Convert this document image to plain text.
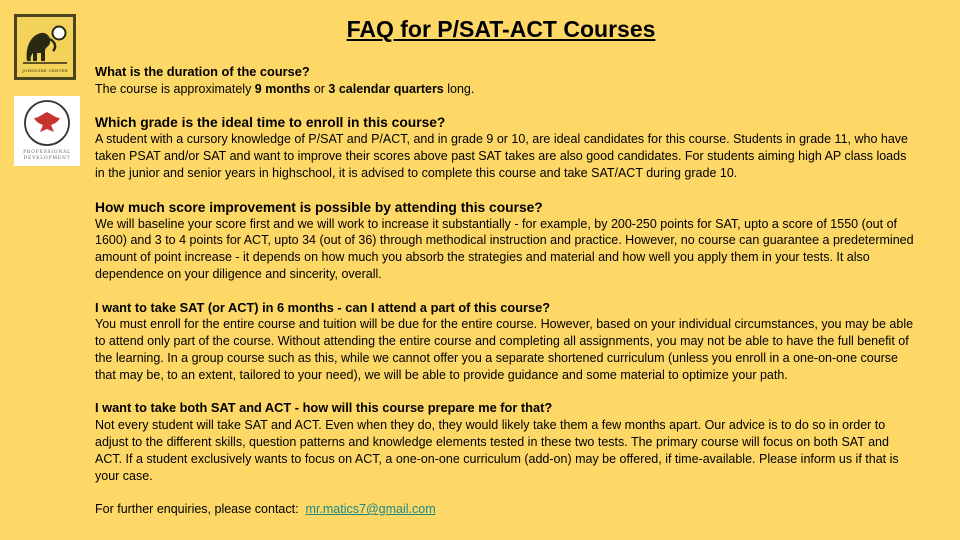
FAQ for P/SAT-ACT Courses
JOHNSTRE CENTER
PROFESSIONAL
DEVELOPMENT

What is the duration of the course?

The course is approximately 9 months or 3 calendar quarters long.

Which grade is the ideal time to enroll in this course?

A student with a cursory knowledge of P/SAT and P/ACT, and in grade 9 or 10, are ideal candidates for this course. Students in grade 11, who have taken PSAT and/or SAT and want to improve their scores above past SAT takes are also good candidates. For students aiming high AP class loads in the junior and senior years in highschool, it is advised to complete this course and take SAT/ACT during grade 10.

How much score improvement is possible by attending this course?

We will baseline your score first and we will work to increase it substantially - for example, by 200-250 points for SAT, upto a score of 1550 (out of 1600) and 3 to 4 points for ACT, upto 34 (out of 36) through methodical instruction and practice. However, no course can guarantee a predetermined amount of point increase - it depends on how much you absorb the strategies and material and how well you apply them in your tests. It also dependence on your diligence and sincerity, overall.

I want to take SAT (or ACT) in 6 months - can I attend a part of this course?

You must enroll for the entire course and tuition will be due for the entire course. However, based on your individual circumstances, you may be able to attend only part of the course. Without attending the entire course and completing all assignments, you may not be able to have the full benefit of the learning. In a group course such as this, while we cannot offer you a separate shortened curriculum (unless you enroll in a one-on-one course that may be, to an extent, tailored to your need), we will be able to provide guidance and some material to optimize your path.

I want to take both SAT and ACT - how will this course prepare me for that?

Not every student will take SAT and ACT. Even when they do, they would likely take them a few months apart. Our advice is to do so in order to adjust to the different skills, question patterns and knowledge elements tested in these two tests. The primary course will focus on both SAT and ACT. If a student exclusively wants to focus on ACT, a one-on-one curriculum (add-on) may be offered, if time-available. Please inform us if that is your case.

For further enquiries, please contact: mr.matics7@gmail.com
